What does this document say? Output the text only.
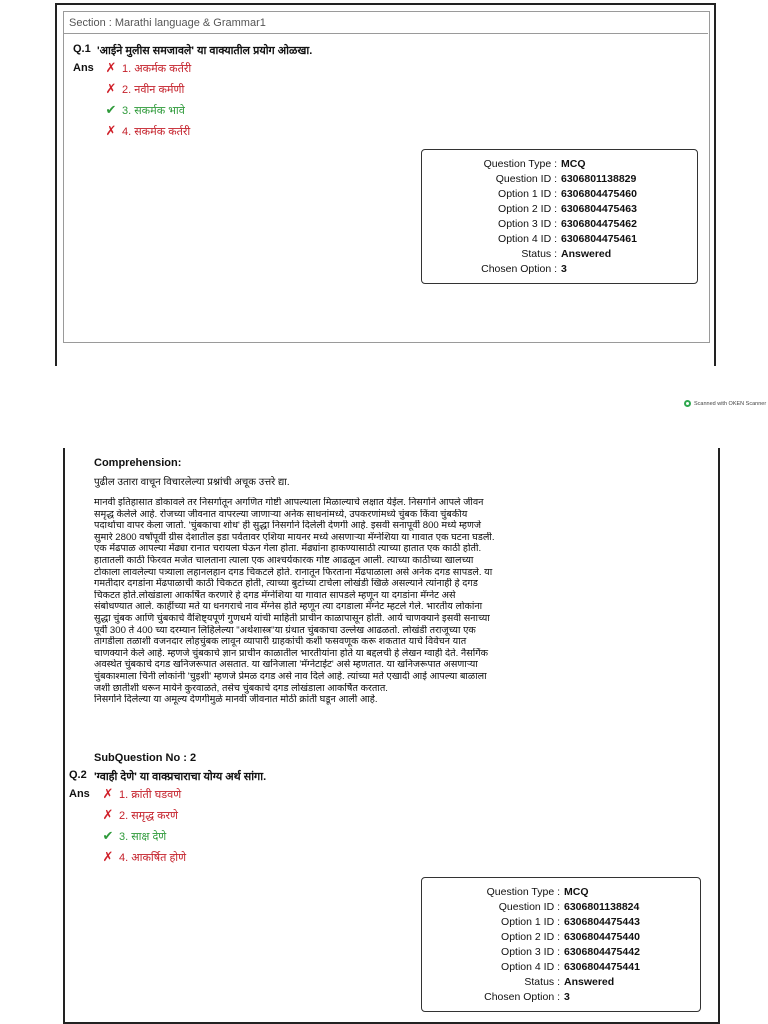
Section : Marathi language & Grammar1
Q.1 'आईने मुलीस समजावले' या वाक्यातील प्रयोग ओळखा.
Ans ✗ 1. अकर्मक कर्तरी
✗ 2. नवीन कर्मणी
✔ 3. सकर्मक भावे
✗ 4. सकर्मक कर्तरी
Question Type : MCQ
Question ID : 6306801138829
Option 1 ID : 6306804475460
Option 2 ID : 6306804475463
Option 3 ID : 6306804475462
Option 4 ID : 6306804475461
Status : Answered
Chosen Option : 3
Scanned with OKEN Scanner
Comprehension:
पुढील उतारा वाचून विचारलेल्या प्रश्नांची अचूक उत्तरे द्या.
मानवी इतिहासात डोकावले तर निसर्गातून अगणित गोष्टी आपल्याला मिळाल्याचे लक्षात येईल. निसर्गाने आपले जीवन
समृद्ध केलेले आहे. रोजच्या जीवनात वापरल्या जाणाऱ्या अनेक साधनांमध्ये, उपकरणांमध्ये चुंबक किंवा चुंबकीय
पदार्थाचा वापर केला जातो. 'चुंबकाचा शोध' ही सुद्धा निसर्गाने दिलेली देणगी आहे. इसवी सनापूर्वी 800 मध्ये म्हणजे
सुमारे 2800 वर्षांपूर्वी ग्रीस देशातील इडा पर्वतावर एशिया मायनर मध्ये असणाऱ्या मॅग्नेशिया या गावात एक घटना घडली.
एक मेंढपाळ आपल्या मेंढ्या रानात चरायला घेऊन गेला होता. मेंढ्यांना हाकण्यासाठी त्याच्या हातात एक काठी होती.
हातातली काठी फिरवत मजेत चालताना त्याला एक आश्चर्यकारक गोष्ट आढळून आली. त्याच्या काठीच्या खालच्या
टोकाला लावलेल्या पत्र्याला लहानलहान दगड चिकटले होते. रानातून फिरताना मेंढपाळाला असे अनेक दगड सापडले. या
गमतीदार दगडांना मेंढपाळाची काठी चिकटत होती, त्याच्या बुटांच्या टाचेला लोखंडी खिळे असल्याने त्यांनाही हे दगड
चिकटत होते.लोखंडाला आकर्षित करणारे हे दगड मॅग्नेशिया या गावात सापडले म्हणून या दगडांना मॅग्नेट असे
संबोधण्यात आले. काहींच्या मते या धनगराचे नाव मॅग्नेस होते म्हणून त्या दगडाला मॅग्नेट म्हटले गेले. भारतीय लोकांना
सुद्धा चुंबक आणि चुंबकाचे वैशिष्ट्यपूर्ण गुणधर्म यांची माहिती प्राचीन काळापासून होती. आर्य चाणक्याने इसवी सनाच्या
पूर्वी 300 ते 400 च्या दरम्यान लिहिलेल्या "अर्थशास्त्र"या ग्रंथात चुंबकाचा उल्लेख आढळतो. लोखंडी तराजूच्या एक
तागडीला तळाशी वजनदार लोहचुंबक लावून व्यापारी ग्राहकांची कशी फसवणूक करू शकतात याचे विवेचन यात
चाणक्याने केले आहे. म्हणजे चुंबकाचे ज्ञान प्राचीन काळातील भारतीयांना होते या बद्दलची हे लेखन ग्वाही देते. नैसर्गिक
अवस्थेत चुंबकाचे दगड खनिजरूपात असतात. या खनिजाला 'मॅग्नेटाईट' असे म्हणतात. या खनिजरूपात असणाऱ्या
चुंबकाश्माला चिनी लोकांनी 'चुइशी' म्हणजे प्रेमळ दगड असे नाव दिले आहे. त्यांच्या मते एखादी आई आपल्या बाळाला
जशी छातीशी धरून मायेने कुरवाळते, तसेच चुंबकाचे दगड लोखंडाला आकर्षित करतात.
निसर्गाने दिलेल्या या अमूल्य देणगीमुळे मानवी जीवनात मोठी क्रांती घडून आली आहे.
SubQuestion No : 2
Q.2 'ग्वाही देणे' या वाक्प्रचाराचा योग्य अर्थ सांगा.
Ans ✗ 1. क्रांती घडवणे
✗ 2. समृद्ध करणे
✔ 3. साक्ष देणे
✗ 4. आकर्षित होणे
Question Type : MCQ
Question ID : 6306801138824
Option 1 ID : 6306804475443
Option 2 ID : 6306804475440
Option 3 ID : 6306804475442
Option 4 ID : 6306804475441
Status : Answered
Chosen Option : 3
